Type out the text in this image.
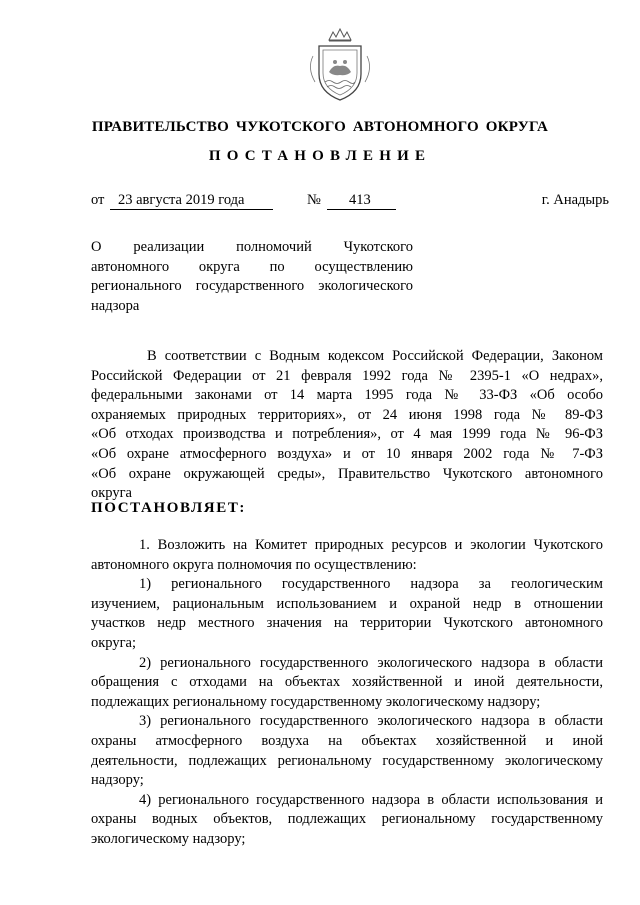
ПРАВИТЕЛЬСТВО ЧУКОТСКОГО АВТОНОМНОГО ОКРУГА
ПОСТАНОВЛЕНИЕ
от 23 августа 2019 года	№	413	г. Анадырь
О реализации полномочий Чукотского
автономного округа по осуществлению
регионального государственного экологического
надзора
В соответствии с Водным кодексом Российской Федерации, Законом
Российской Федерации от 21 февраля 1992 года № 2395-1 «О недрах»,
федеральными законами от 14 марта 1995 года № 33-ФЗ «Об особо
охраняемых природных территориях», от 24 июня 1998 года № 89-ФЗ
«Об отходах производства и потребления», от 4 мая 1999 года № 96-ФЗ
«Об охране атмосферного воздуха» и от 10 января 2002 года № 7-ФЗ
«Об охране окружающей среды», Правительство Чукотского автономного
округа
ПОСТАНОВЛЯЕТ:
1. Возложить на Комитет природных ресурсов и экологии Чукотского
автономного округа полномочия по осуществлению:
1) регионального государственного надзора за геологическим
изучением, рациональным использованием и охраной недр в отношении
участков недр местного значения на территории Чукотского автономного
округа;
2) регионального государственного экологического надзора в области
обращения с отходами на объектах хозяйственной и иной деятельности,
подлежащих региональному государственному экологическому надзору;
3) регионального государственного экологического надзора в области
охраны атмосферного воздуха на объектах хозяйственной и иной
деятельности, подлежащих региональному государственному экологическому
надзору;
4) регионального государственного надзора в области использования и
охраны водных объектов, подлежащих региональному государственному
экологическому надзору;
